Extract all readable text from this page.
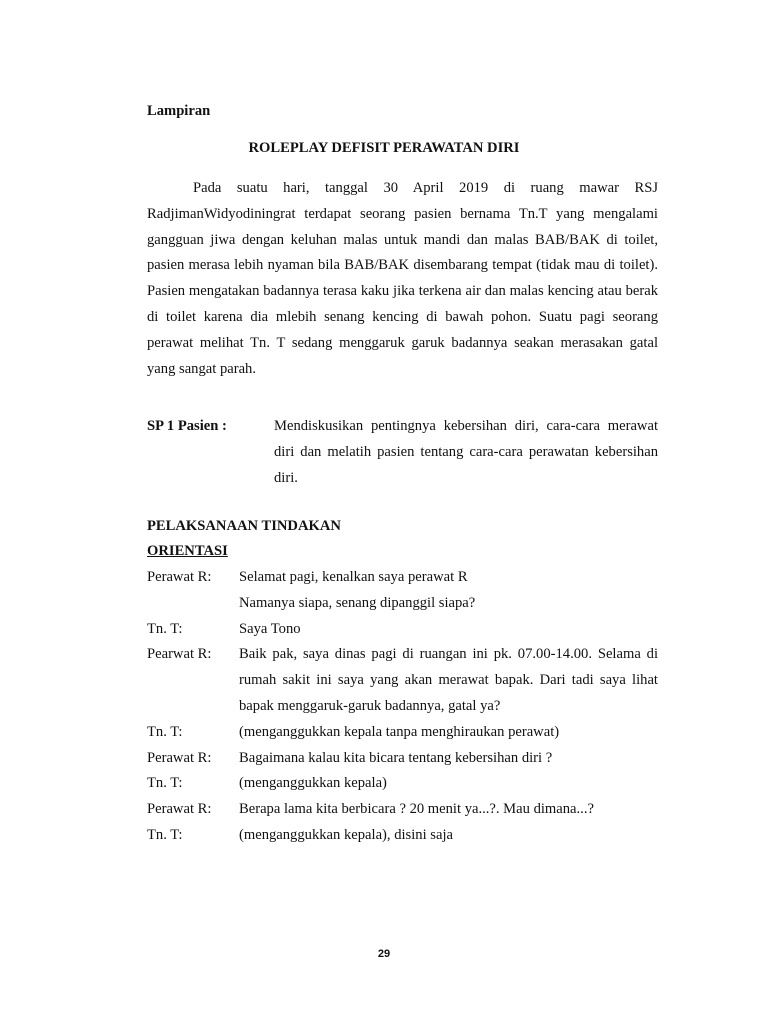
Lampiran
ROLEPLAY DEFISIT PERAWATAN DIRI

Pada suatu hari, tanggal 30 April 2019 di ruang mawar RSJ RadjimanWidyodiningrat terdapat seorang pasien bernama Tn.T yang mengalami gangguan jiwa dengan keluhan malas untuk mandi dan malas BAB/BAK di toilet, pasien merasa lebih nyaman bila BAB/BAK disembarang tempat (tidak mau di toilet). Pasien mengatakan badannya terasa kaku jika terkena air dan malas kencing atau berak di toilet karena dia mlebih senang kencing di bawah pohon. Suatu pagi seorang perawat melihat Tn. T sedang menggaruk garuk badannya seakan merasakan gatal yang sangat parah.

SP 1 Pasien :	Mendiskusikan pentingnya kebersihan diri, cara-cara merawat diri dan melatih pasien tentang cara-cara perawatan kebersihan diri.

PELAKSANAAN TINDAKAN
ORIENTASI
Perawat R:	Selamat pagi, kenalkan saya perawat R
Namanya siapa, senang dipanggil siapa?
Tn. T:	Saya Tono
Pearwat R:	Baik pak, saya dinas pagi di ruangan ini pk. 07.00-14.00. Selama di rumah sakit ini saya yang akan merawat bapak. Dari tadi saya lihat bapak menggaruk-garuk badannya, gatal ya?
Tn. T:	(menganggukkan kepala tanpa menghiraukan perawat)
Perawat R:	Bagaimana kalau kita bicara tentang kebersihan diri ?
Tn. T:	(menganggukkan kepala)
Perawat R:	Berapa lama kita berbicara ? 20 menit ya...?. Mau dimana...?
Tn. T:	(menganggukkan kepala), disini saja
29
